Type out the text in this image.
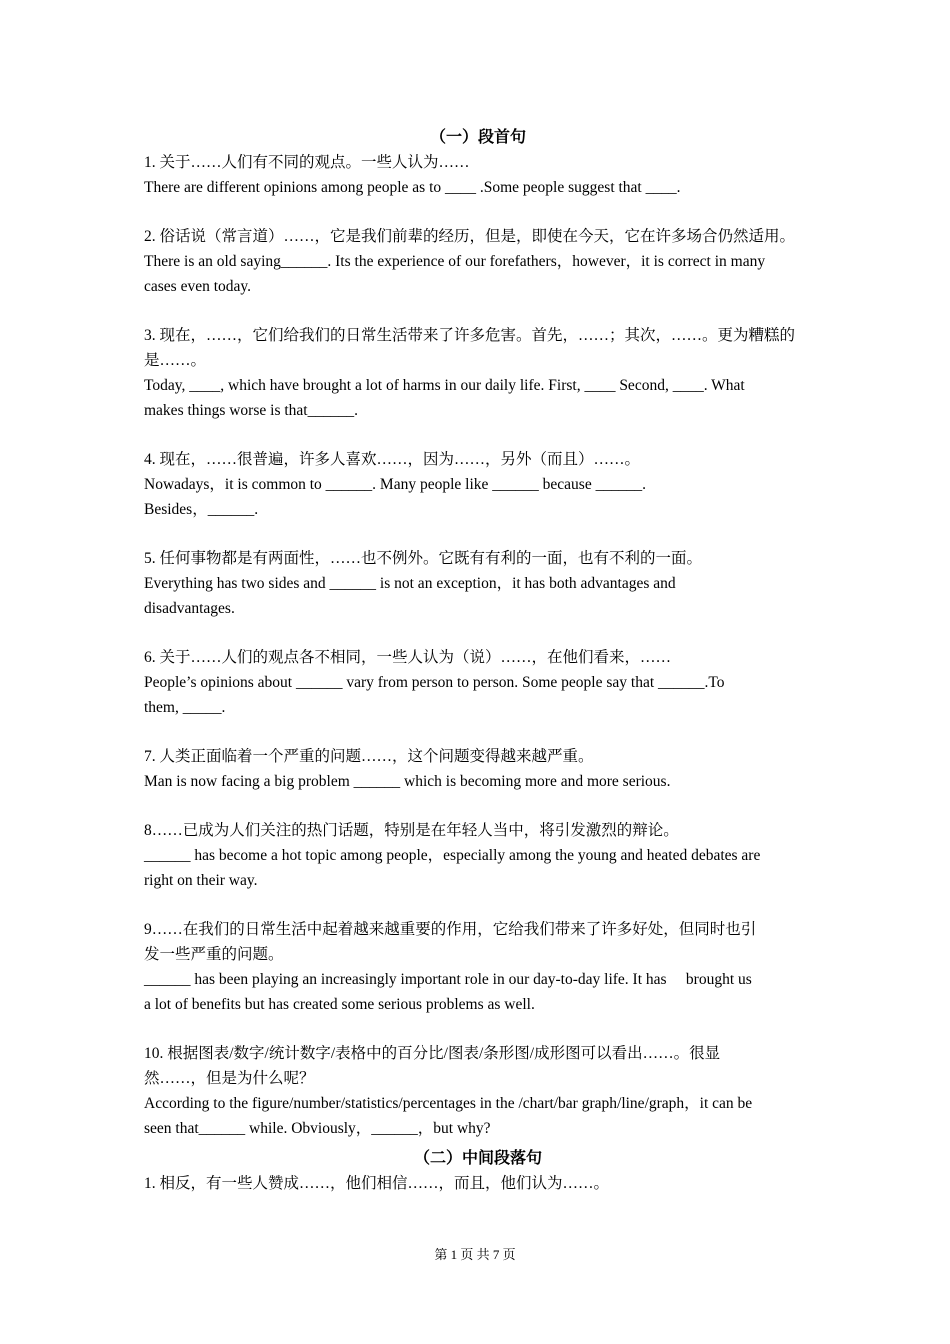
（一）段首句
1. 关于……人们有不同的观点。一些人认为……
There are different opinions among people as to ____ .Some people suggest that ____.
2. 俗话说（常言道）……，它是我们前辈的经历，但是，即使在今天，它在许多场合仍然适用。
There is an old saying______. Its the experience of our forefathers，however，it is correct in many
cases even today.
3. 现在，……，它们给我们的日常生活带来了许多危害。首先，……；其次，……。更为糟糕的
是……。
Today, ____, which have brought a lot of harms in our daily life. First, ____ Second, ____. What
makes things worse is that______.
4. 现在，……很普遍，许多人喜欢……，因为……，另外（而且）……。
Nowadays，it is common to ______. Many people like ______ because ______.
Besides，______.
5. 任何事物都是有两面性，……也不例外。它既有有利的一面，也有不利的一面。
Everything has two sides and ______ is not an exception，it has both advantages and
disadvantages.
6. 关于……人们的观点各不相同，一些人认为（说）……，在他们看来，……
People’s opinions about ______ vary from person to person. Some people say that ______.To
them, _____.
7. 人类正面临着一个严重的问题……，这个问题变得越来越严重。
Man is now facing a big problem ______ which is becoming more and more serious.
8……已成为人们关注的热门话题，特别是在年轻人当中，将引发激烈的辩论。
______ has become a hot topic among people，especially among the young and heated debates are
right on their way.
9……在我们的日常生活中起着越来越重要的作用，它给我们带来了许多好处，但同时也引
发一些严重的问题。
______ has been playing an increasingly important role in our day-to-day life. It has     brought us
a lot of benefits but has created some serious problems as well.
10. 根据图表/数字/统计数字/表格中的百分比/图表/条形图/成形图可以看出……。很显
然……，但是为什么呢？
According to the figure/number/statistics/percentages in the /chart/bar graph/line/graph，it can be
seen that______ while. Obviously，______，but why?
（二）中间段落句
1. 相反，有一些人赞成……，他们相信……，而且，他们认为……。
第 1 页 共 7 页
